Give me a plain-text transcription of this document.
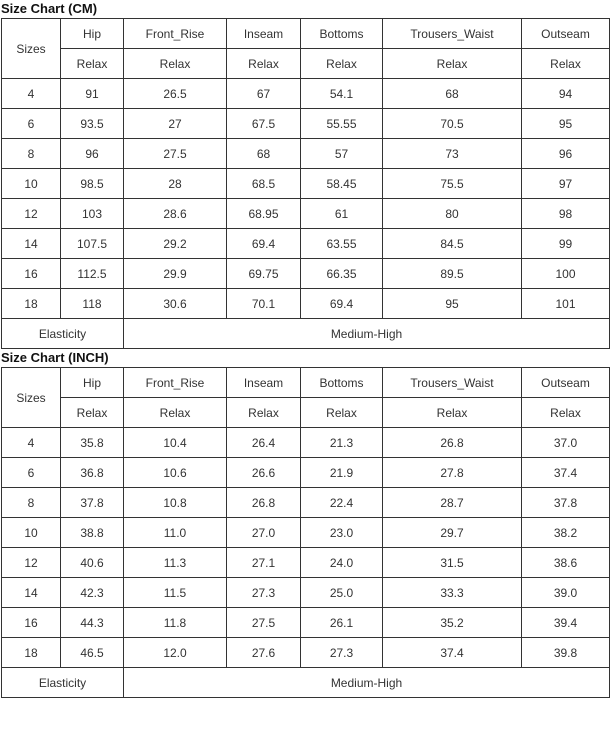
Size Chart (CM)
Sizes	Hip	Front_Rise	Inseam	Bottoms	Trousers_Waist	Outseam
	Relax	Relax	Relax	Relax	Relax	Relax
4	91	26.5	67	54.1	68	94
6	93.5	27	67.5	55.55	70.5	95
8	96	27.5	68	57	73	96
10	98.5	28	68.5	58.45	75.5	97
12	103	28.6	68.95	61	80	98
14	107.5	29.2	69.4	63.55	84.5	99
16	112.5	29.9	69.75	66.35	89.5	100
18	118	30.6	70.1	69.4	95	101
Elasticity		Medium-High				
Size Chart (INCH)
Sizes	Hip	Front_Rise	Inseam	Bottoms	Trousers_Waist	Outseam
	Relax	Relax	Relax	Relax	Relax	Relax
4	35.8	10.4	26.4	21.3	26.8	37.0
6	36.8	10.6	26.6	21.9	27.8	37.4
8	37.8	10.8	26.8	22.4	28.7	37.8
10	38.8	11.0	27.0	23.0	29.7	38.2
12	40.6	11.3	27.1	24.0	31.5	38.6
14	42.3	11.5	27.3	25.0	33.3	39.0
16	44.3	11.8	27.5	26.1	35.2	39.4
18	46.5	12.0	27.6	27.3	37.4	39.8
Elasticity		Medium-High				
